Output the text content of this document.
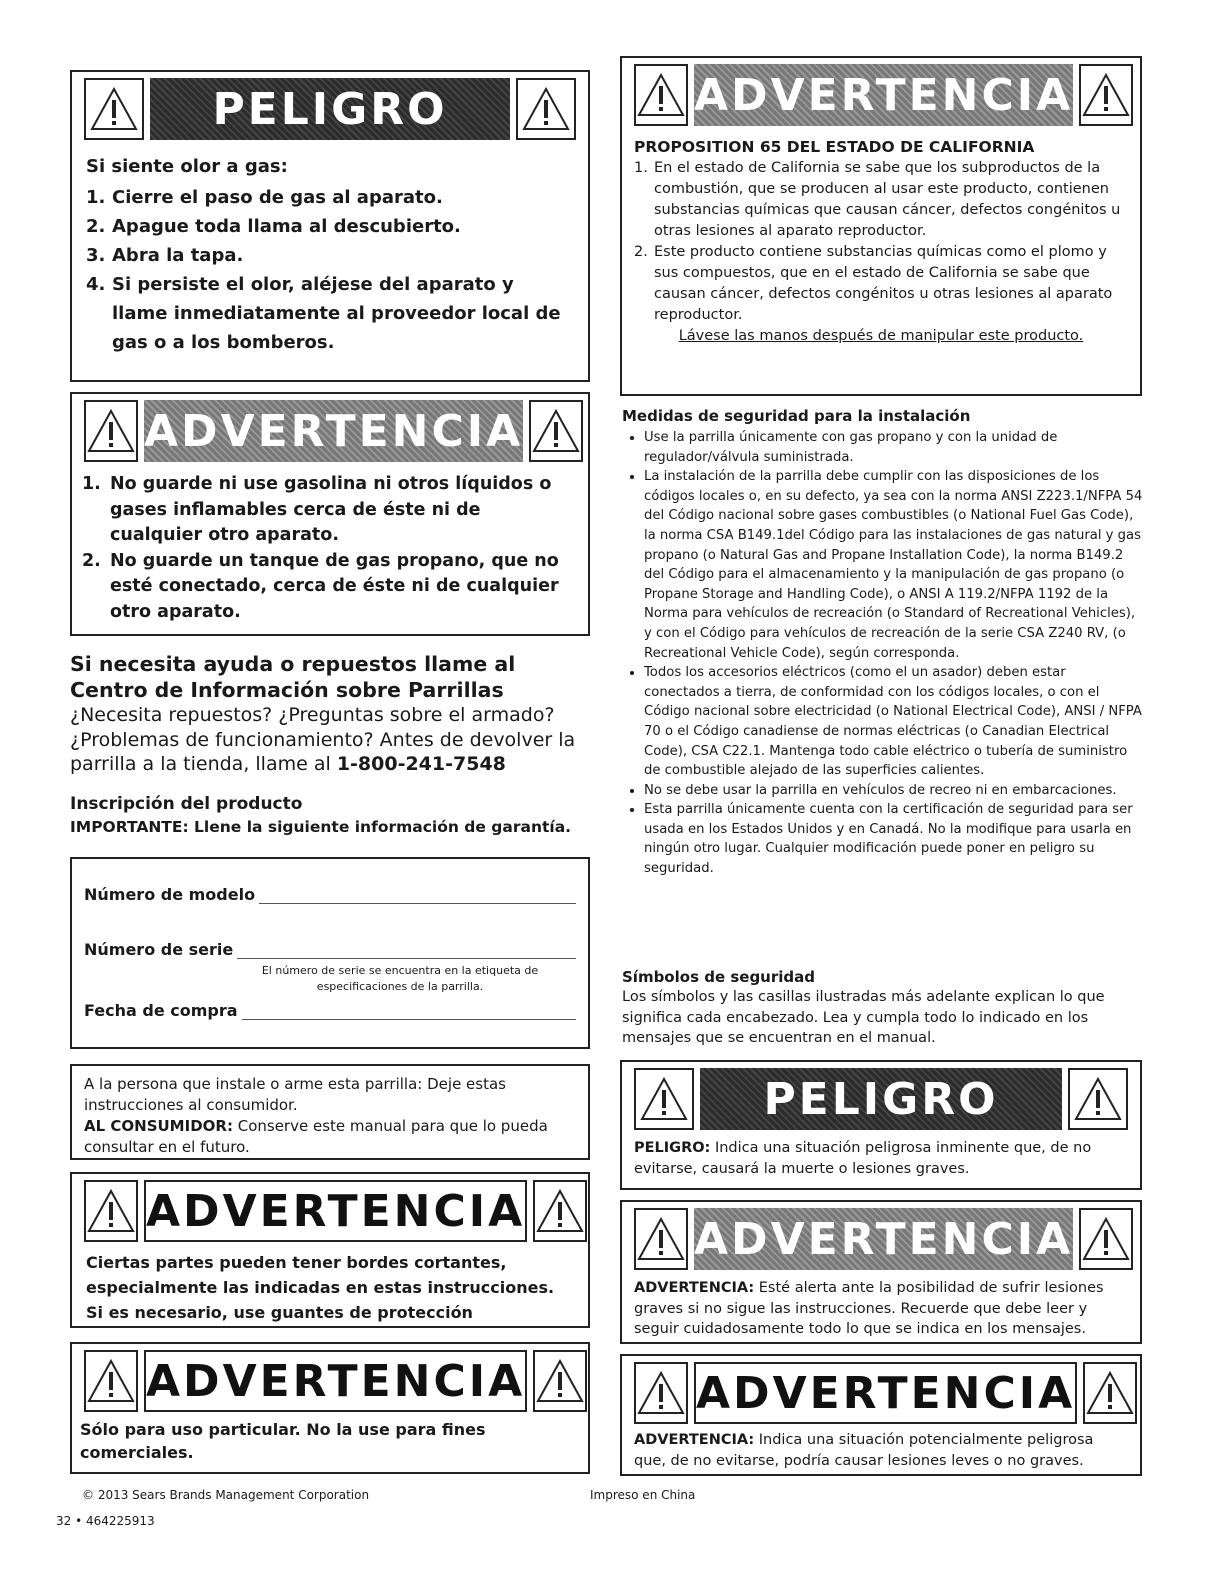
PELIGRO

Si siente olor a gas:

1. Cierre el paso de gas al aparato.
2. Apague toda llama al descubierto.
3. Abra la tapa.
4. Si persiste el olor, aléjese del aparato y llame inmediatamente al proveedor local de gas o a los bomberos.
ADVERTENCIA
1. No guarde ni use gasolina ni otros líquidos o gases inflamables cerca de éste ni de cualquier otro aparato.
2. No guarde un tanque de gas propano, que no esté conectado, cerca de éste ni de cualquier otro aparato.
Si necesita ayuda o repuestos llame al Centro de Información sobre Parrillas ¿Necesita repuestos? ¿Preguntas sobre el armado? ¿Problemas de funcionamiento? Antes de devolver la parrilla a la tienda, llame al 1-800-241-7548

Inscripción del producto

IMPORTANTE: Llene la siguiente información de garantía.

Número de modelo
Número de serie

El número de serie se encuentra en la etiqueta de especificaciones de la parrilla.

Fecha de compra

A la persona que instale o arme esta parrilla: Deje estas instrucciones al consumidor.

AL CONSUMIDOR: Conserve este manual para que lo pueda consultar en el futuro.

ADVERTENCIA

Ciertas partes pueden tener bordes cortantes, especialmente las indicadas en estas instrucciones. Si es necesario, use guantes de protección

ADVERTENCIA

Sólo para uso particular. No la use para fines comerciales.

ADVERTENCIA

PROPOSITION 65 DEL ESTADO DE CALIFORNIA

1. En el estado de California se sabe que los subproductos de la combustión, que se producen al usar este producto, contienen substancias químicas que causan cáncer, defectos congénitos u otras lesiones al aparato reproductor.
2. Este producto contiene substancias químicas como el plomo y sus compuestos, que en el estado de California se sabe que causan cáncer, defectos congénitos u otras lesiones al aparato reproductor.

Lávese las manos después de manipular este producto.

Medidas de seguridad para la instalación

• Use la parrilla únicamente con gas propano y con la unidad de regulador/válvula suministrada.
• La instalación de la parrilla debe cumplir con las disposiciones de los códigos locales o, en su defecto, ya sea con la norma ANSI Z223.1/NFPA 54 del Código nacional sobre gases combustibles (o National Fuel Gas Code), la norma CSA B149.1del Código para las instalaciones de gas natural y gas propano (o Natural Gas and Propane Installation Code), la norma B149.2 del Código para el almacenamiento y la manipulación de gas propano (o Propane Storage and Handling Code), o ANSI A 119.2/NFPA 1192 de la Norma para vehículos de recreación (o Standard of Recreational Vehicles), y con el Código para vehículos de recreación de la serie CSA Z240 RV, (o Recreational Vehicle Code), según corresponda.
• Todos los accesorios eléctricos (como el un asador) deben estar conectados a tierra, de conformidad con los códigos locales, o con el Código nacional sobre electricidad (o National Electrical Code), ANSI / NFPA 70 o el Código canadiense de normas eléctricas (o Canadian Electrical Code), CSA C22.1. Mantenga todo cable eléctrico o tubería de suministro de combustible alejado de las superficies calientes.
• No se debe usar la parrilla en vehículos de recreo ni en embarcaciones.
• Esta parrilla únicamente cuenta con la certificación de seguridad para ser usada en los Estados Unidos y en Canadá. No la modifique para usarla en ningún otro lugar. Cualquier modificación puede poner en peligro su seguridad.

Símbolos de seguridad

Los símbolos y las casillas ilustradas más adelante explican lo que significa cada encabezado. Lea y cumpla todo lo indicado en los mensajes que se encuentran en el manual.

PELIGRO

PELIGRO: Indica una situación peligrosa inminente que, de no evitarse, causará la muerte o lesiones graves.

ADVERTENCIA

ADVERTENCIA: Esté alerta ante la posibilidad de sufrir lesiones graves si no sigue las instrucciones. Recuerde que debe leer y seguir cuidadosamente todo lo que se indica en los mensajes.

ADVERTENCIA

ADVERTENCIA: Indica una situación potencialmente peligrosa que, de no evitarse, podría causar lesiones leves o no graves.

© 2013 Sears Brands Management Corporation
32 • 464225913
Impreso en China
